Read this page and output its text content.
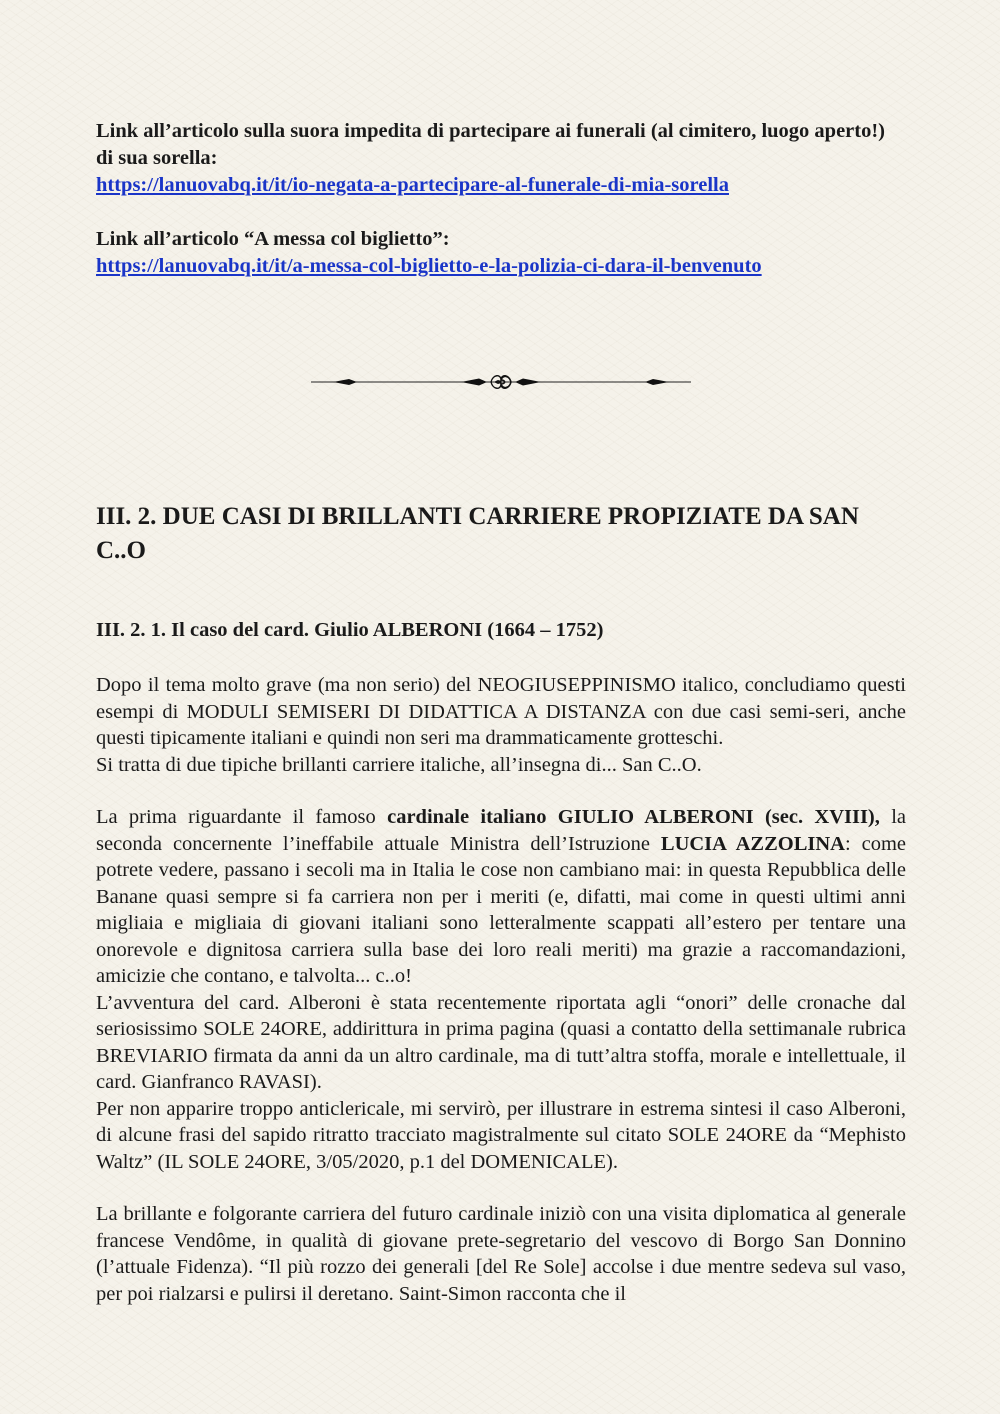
Link all’articolo sulla suora impedita di partecipare ai funerali (al cimitero, luogo aperto!) di sua sorella:
https://lanuovabq.it/it/io-negata-a-partecipare-al-funerale-di-mia-sorella
Link all’articolo “A messa col biglietto”:
https://lanuovabq.it/it/a-messa-col-biglietto-e-la-polizia-ci-dara-il-benvenuto
III. 2. DUE CASI DI BRILLANTI CARRIERE PROPIZIATE DA SAN C..O
III. 2. 1. Il caso del card. Giulio ALBERONI (1664 – 1752)

Dopo il tema molto grave (ma non serio) del NEOGIUSEPPINISMO italico, concludiamo questi esempi di MODULI SEMISERI DI DIDATTICA A DISTANZA con due casi semi-seri, anche questi tipicamente italiani e quindi non seri ma drammaticamente grotteschi.

Si tratta di due tipiche brillanti carriere italiche, all’insegna di... San C..O.

La prima riguardante il famoso cardinale italiano GIULIO ALBERONI (sec. XVIII), la seconda concernente l’ineffabile attuale Ministra dell’Istruzione LUCIA AZZOLINA: come potrete vedere, passano i secoli ma in Italia le cose non cambiano mai: in questa Repubblica delle Banane quasi sempre si fa carriera non per i meriti (e, difatti, mai come in questi ultimi anni migliaia e migliaia di giovani italiani sono letteralmente scappati all’estero per tentare una onorevole e dignitosa carriera sulla base dei loro reali meriti) ma grazie a raccomandazioni, amicizie che contano, e talvolta... c..o!

L’avventura del card. Alberoni è stata recentemente riportata agli “onori” delle cronache dal seriosissimo SOLE 24ORE, addirittura in prima pagina (quasi a contatto della settimanale rubrica BREVIARIO firmata da anni da un altro cardinale, ma di tutt’altra stoffa, morale e intellettuale, il card. Gianfranco RAVASI).

Per non apparire troppo anticlericale, mi servirò, per illustrare in estrema sintesi il caso Alberoni, di alcune frasi del sapido ritratto tracciato magistralmente sul citato SOLE 24ORE da “Mephisto Waltz” (IL SOLE 24ORE, 3/05/2020, p.1 del DOMENICALE).

La brillante e folgorante carriera del futuro cardinale iniziò con una visita diplomatica al generale francese Vendôme, in qualità di giovane prete-segretario del vescovo di Borgo San Donnino (l’attuale Fidenza). “Il più rozzo dei generali [del Re Sole] accolse i due mentre sedeva sul vaso, per poi rialzarsi e pulirsi il deretano. Saint-Simon racconta che il
